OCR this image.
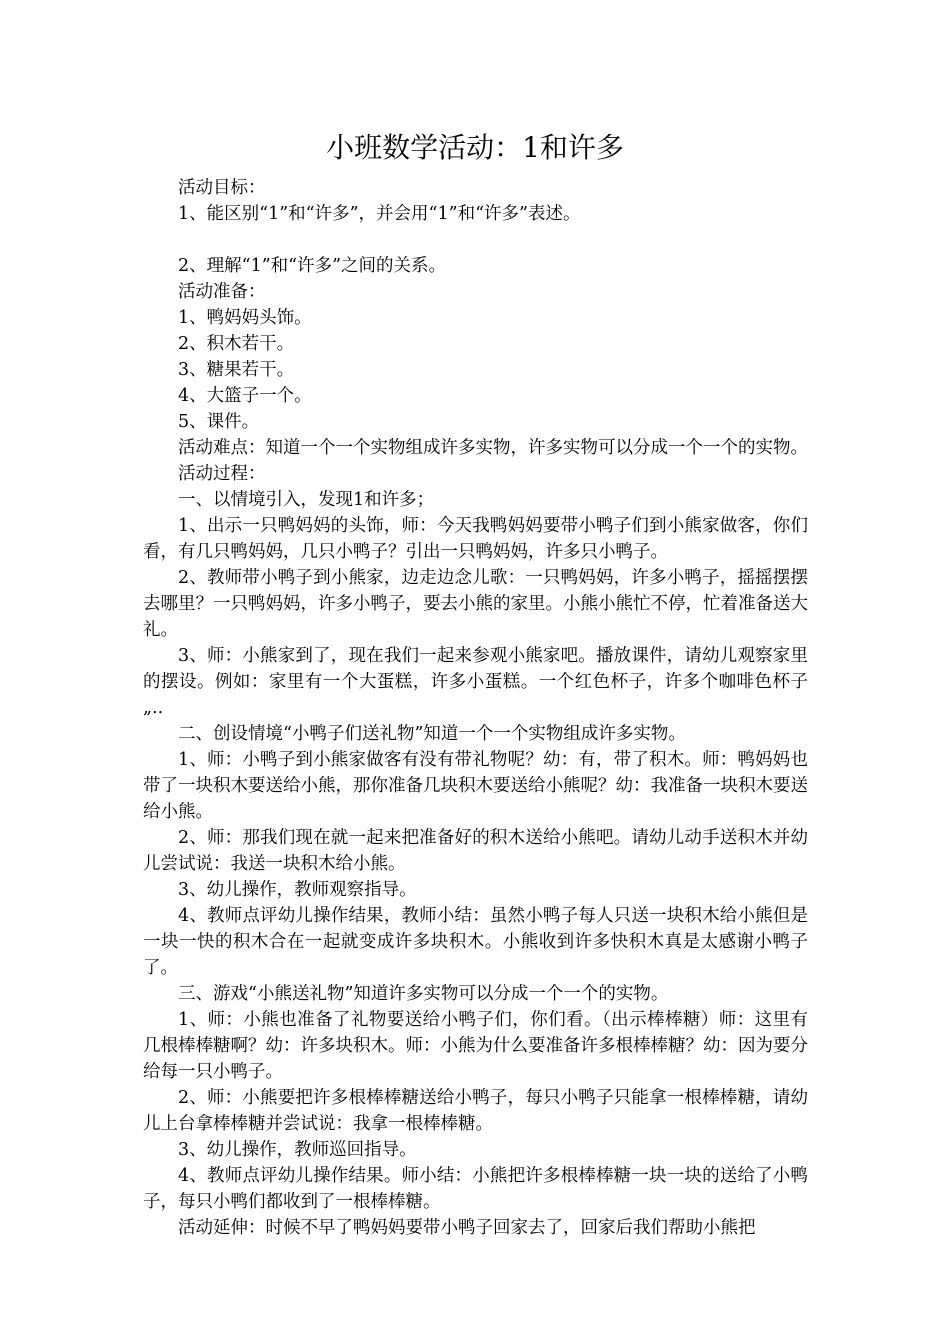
小班数学活动：1和许多

活动目标：

1、能区别“1”和“许多”，并会用“1”和“许多”表述。

2、理解“1”和“许多”之间的关系。

活动准备：

1、鸭妈妈头饰。

2、积木若干。

3、糖果若干。

4、大篮子一个。

5、课件。

活动难点：知道一个一个实物组成许多实物，许多实物可以分成一个一个的实物。

活动过程：

一、以情境引入，发现1和许多；

1、出示一只鸭妈妈的头饰，师：今天我鸭妈妈要带小鸭子们到小熊家做客，你们看，有几只鸭妈妈，几只小鸭子？引出一只鸭妈妈，许多只小鸭子。

2、教师带小鸭子到小熊家，边走边念儿歌：一只鸭妈妈，许多小鸭子，摇摇摆摆去哪里？一只鸭妈妈，许多小鸭子，要去小熊的家里。小熊小熊忙不停，忙着准备送大礼。

3、师：小熊家到了，现在我们一起来参观小熊家吧。播放课件，请幼儿观察家里的摆设。例如：家里有一个大蛋糕，许多小蛋糕。一个红色杯子，许多个咖啡色杯子„..

二、创设情境“小鸭子们送礼物”知道一个一个实物组成许多实物。

1、师：小鸭子到小熊家做客有没有带礼物呢？幼：有，带了积木。师：鸭妈妈也带了一块积木要送给小熊，那你准备几块积木要送给小熊呢？幼：我准备一块积木要送给小熊。

2、师：那我们现在就一起来把准备好的积木送给小熊吧。请幼儿动手送积木并幼儿尝试说：我送一块积木给小熊。

3、幼儿操作，教师观察指导。

4、教师点评幼儿操作结果，教师小结：虽然小鸭子每人只送一块积木给小熊但是一块一快的积木合在一起就变成许多块积木。小熊收到许多快积木真是太感谢小鸭子了。

三、游戏“小熊送礼物”知道许多实物可以分成一个一个的实物。

1、师：小熊也准备了礼物要送给小鸭子们，你们看。（出示棒棒糖）师：这里有几根棒棒糖啊？幼：许多块积木。师：小熊为什么要准备许多根棒棒糖？幼：因为要分给每一只小鸭子。

2、师：小熊要把许多根棒棒糖送给小鸭子，每只小鸭子只能拿一根棒棒糖，请幼儿上台拿棒棒糖并尝试说：我拿一根棒棒糖。

3、幼儿操作，教师巡回指导。

4、教师点评幼儿操作结果。师小结：小熊把许多根棒棒糖一块一块的送给了小鸭子，每只小鸭们都收到了一根棒棒糖。

活动延伸：时候不早了鸭妈妈要带小鸭子回家去了，回家后我们帮助小熊把
